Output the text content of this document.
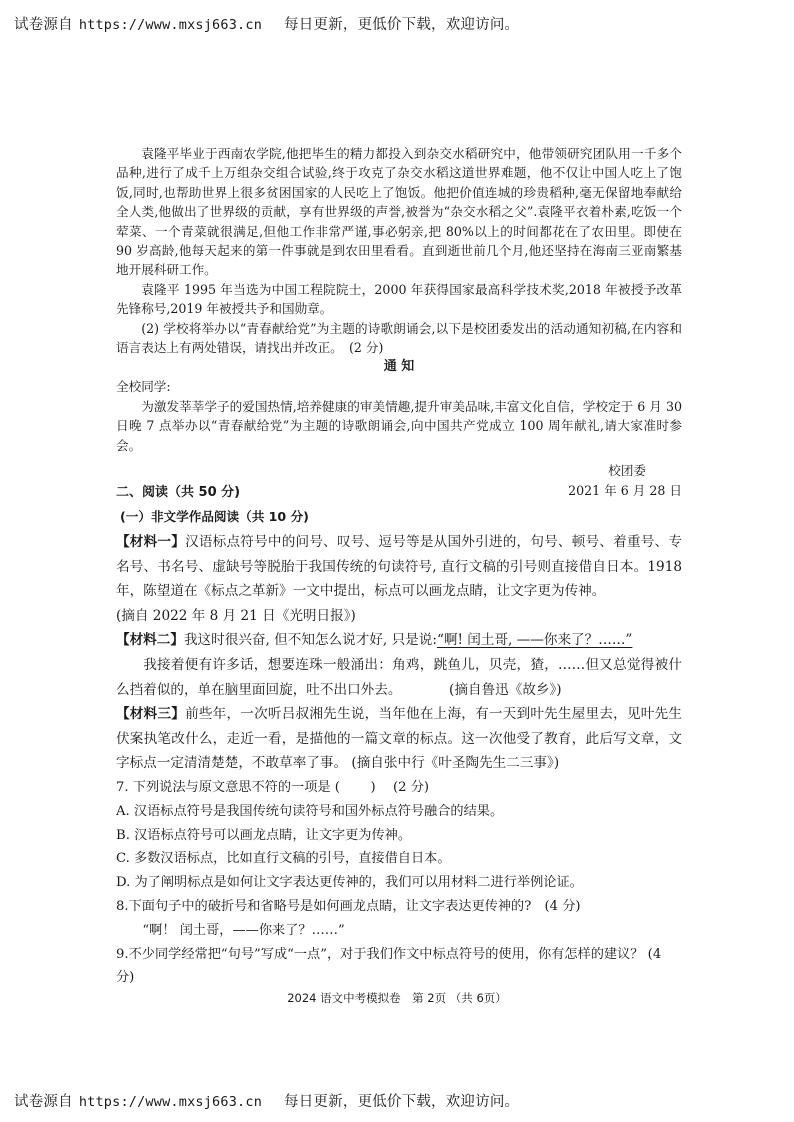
试卷源自 https://www.mxsj663.cn 每日更新，更低价下载，欢迎访问。

袁隆平毕业于西南农学院,他把毕生的精力都投入到杂交水稻研究中，他带领研究团队用一千多个品种,进行了成千上万组杂交组合试验,终于攻克了杂交水稻这道世界难题，他不仅让中国人吃上了饱饭,同时,也帮助世界上很多贫困国家的人民吃上了饱饭。他把价值连城的珍贵稻种,毫无保留地奉献给全人类,他做出了世界级的贡献，享有世界级的声誉,被誉为“杂交水稻之父”.袁隆平衣着朴素,吃饭一个荤菜、一个青菜就很满足,但他工作非常严谨,事必躬亲,把 80%以上的时间都花在了农田里。即使在 90 岁高龄,他每天起来的第一件事就是到农田里看看。直到逝世前几个月,他还坚持在海南三亚南繁基地开展科研工作。

袁隆平 1995 年当选为中国工程院院士，2000 年获得国家最高科学技术奖,2018 年被授予改革先锋称号,2019 年被授共予和国勋章。

(2) 学校将举办以“青春献给党”为主题的诗歌朗诵会,以下是校团委发出的活动通知初稿,在内容和语言表达上有两处错误，请找出并改正。　(2 分)

通 知

全校同学:

为激发莘莘学子的爱国热情,培养健康的审美情趣,提升审美品味,丰富文化自信，学校定于 6 月 30 日晚 7 点举办以“青春献给党”为主题的诗歌朗诵会,向中国共产党成立 100 周年献礼,请大家准时参会。

校团委

2021 年 6 月 28 日

二、阅读（共 50 分)

(一）非文学作品阅读（共 10 分)

【材料一】汉语标点符号中的问号、叹号、逗号等是从国外引进的，句号、顿号、着重号、专名号、书名号、虚缺号等脱胎于我国传统的句读符号, 直行文稿的引号则直接借自日本。1918 年，陈望道在《标点之革新》一文中提出，标点可以画龙点睛，让文字更为传神。

(摘自 2022 年 8 月 21 日《光明日报》)

【材料二】我这时很兴奋, 但不知怎么说才好, 只是说:“啊! 闰土哥, ——你来了？……”

我接着便有许多话，想要连珠一般涌出：角鸡，跳鱼儿，贝壳，猹，……但又总觉得被什么挡着似的，单在脑里面回旋，吐不出口外去。　　　　(摘自鲁迅《故乡》)

【材料三】前些年，一次听吕叔湘先生说，当年他在上海，有一天到叶先生屋里去，见叶先生伏案执笔改什么，走近一看，是描他的一篇文章的标点。这一次他受了教育，此后写文章，文字标点一定清清楚楚，不敢草率了事。 (摘自张中行《叶圣陶先生二三事》)

7. 下列说法与原文意思不符的一项是 (　　 )　 (2 分)

A. 汉语标点符号是我国传统句读符号和国外标点符号融合的结果。

B. 汉语标点符号可以画龙点睛，让文字更为传神。

C. 多数汉语标点，比如直行文稿的引号，直接借自日本。

D. 为了阐明标点是如何让文字表达更传神的，我们可以用材料二进行举例论证。

8.下面句子中的破折号和省略号是如何画龙点睛，让文字表达更传神的?　(4 分)

“啊！ 闰土哥，——你来了？……”

9.不少同学经常把“句号”写成“一点”，对于我们作文中标点符号的使用，你有怎样的建议？ (4 分)

2024 语文中考模拟卷　第 2页 （共 6页）
试卷源自 https://www.mxsj663.cn 每日更新，更低价下载，欢迎访问。
